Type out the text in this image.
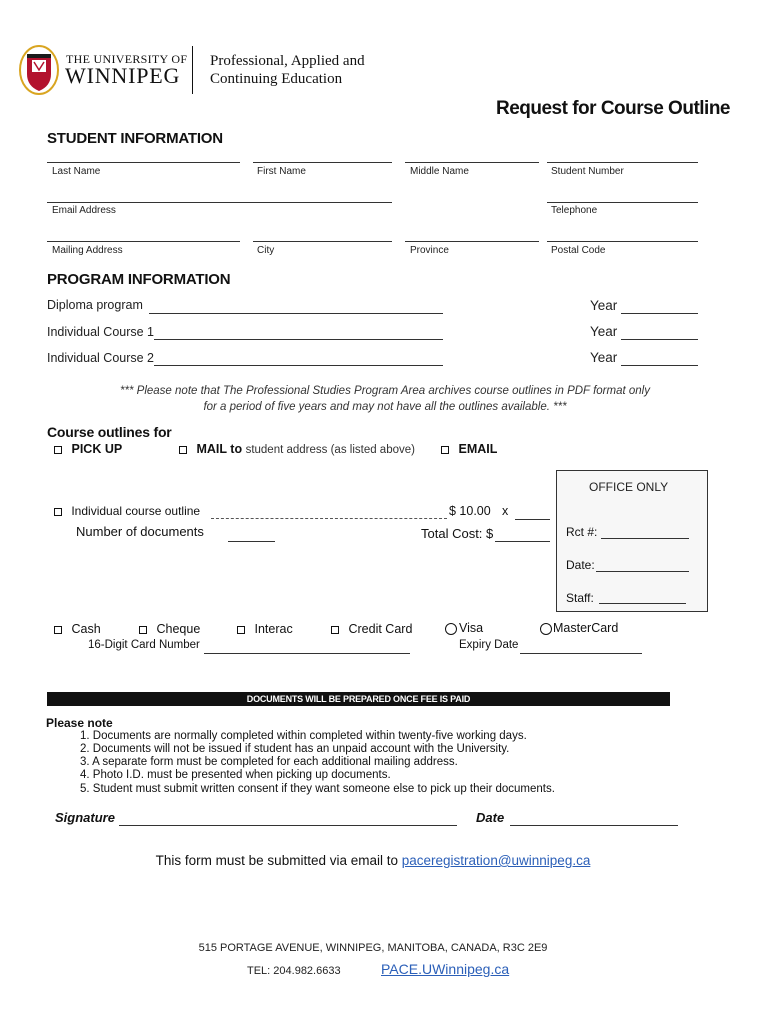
THE UNIVERSITY OF
WINNIPEG
Professional, Applied and
Continuing Education
Request for Course Outline
STUDENT INFORMATION
Last Name	First Name	Middle Name	Student Number
Email Address	Telephone
Mailing Address	City	Province	Postal Code
PROGRAM INFORMATION
Diploma program	Year
Individual Course 1	Year
Individual Course 2	Year
*** Please note that The Professional Studies Program Area archives course outlines in PDF format only
for a period of five years and may not have all the outlines available. ***
Course outlines for
PICK UP	MAIL to student address (as listed above)	EMAIL
Individual course outline	$ 10.00 x
Number of documents	Total Cost: $
OFFICE ONLY
Rct #:
Date:
Staff:
Cash	Cheque	Interac	Credit Card	Visa	MasterCard
16-Digit Card Number	Expiry Date
DOCUMENTS WILL BE PREPARED ONCE FEE IS PAID
Please note
1. Documents are normally completed within completed within twenty-five working days.
2. Documents will not be issued if student has an unpaid account with the University.
3. A separate form must be completed for each additional mailing address.
4. Photo I.D. must be presented when picking up documents.
5. Student must submit written consent if they want someone else to pick up their documents.
Signature	Date
This form must be submitted via email to paceregistration@uwinnipeg.ca
515 PORTAGE AVENUE, WINNIPEG, MANITOBA, CANADA, R3C 2E9
TEL: 204.982.6633	PACE.UWinnipeg.ca
